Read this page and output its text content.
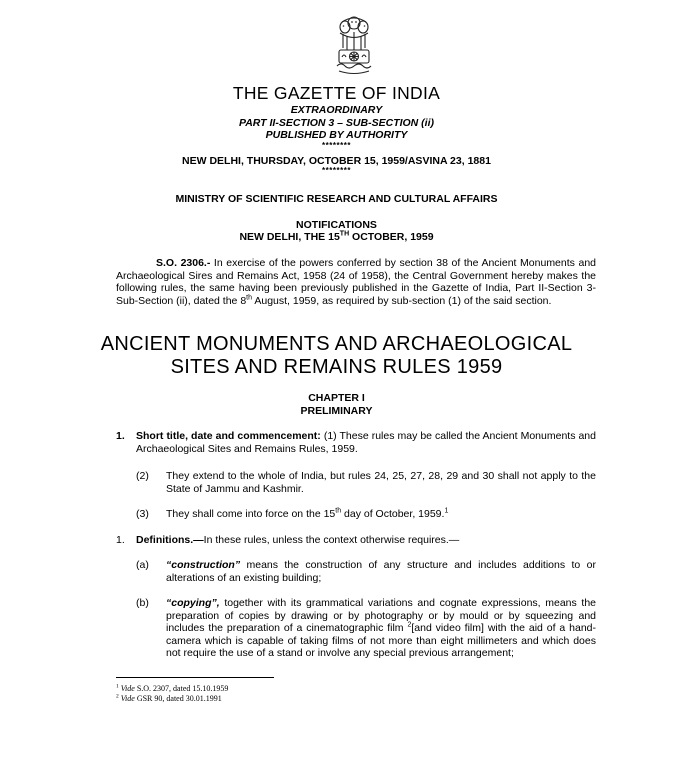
THE GAZETTE OF INDIA
EXTRAORDINARY
PART II-SECTION 3 – SUB-SECTION (ii)
PUBLISHED BY AUTHORITY
********
NEW DELHI, THURSDAY, OCTOBER 15, 1959/ASVINA 23, 1881
********
MINISTRY OF SCIENTIFIC RESEARCH AND CULTURAL AFFAIRS
NOTIFICATIONS
NEW DELHI, THE 15TH OCTOBER, 1959
S.O. 2306.- In exercise of the powers conferred by section 38 of the Ancient Monuments and Archaeological Sires and Remains Act, 1958 (24 of 1958), the Central Government hereby makes the following rules, the same having been previously published in the Gazette of India, Part II-Section 3-Sub-Section (ii), dated the 8th August, 1959, as required by sub-section (1) of the said section.
ANCIENT MONUMENTS AND ARCHAEOLOGICAL
SITES AND REMAINS RULES 1959
CHAPTER I
PRELIMINARY
1. Short title, date and commencement: (1) These rules may be called the Ancient Monuments and Archaeological Sites and Remains Rules, 1959.
(2) They extend to the whole of India, but rules 24, 25, 27, 28, 29 and 30 shall not apply to the State of Jammu and Kashmir.
(3) They shall come into force on the 15th day of October, 1959.$^1$
1. Definitions.—In these rules, unless the context otherwise requires.—
(a) “construction” means the construction of any structure and includes additions to or alterations of an existing building;
(b) “copying”, together with its grammatical variations and cognate expressions, means the preparation of copies by drawing or by photography or by mould or by squeezing and includes the preparation of a cinematographic film $^2$[and video film] with the aid of a hand-camera which is capable of taking films of not more than eight millimeters and which does not require the use of a stand or involve any special previous arrangement;
$^1$ Vide S.O. 2307, dated 15.10.1959
$^2$ Vide GSR 90, dated 30.01.1991
